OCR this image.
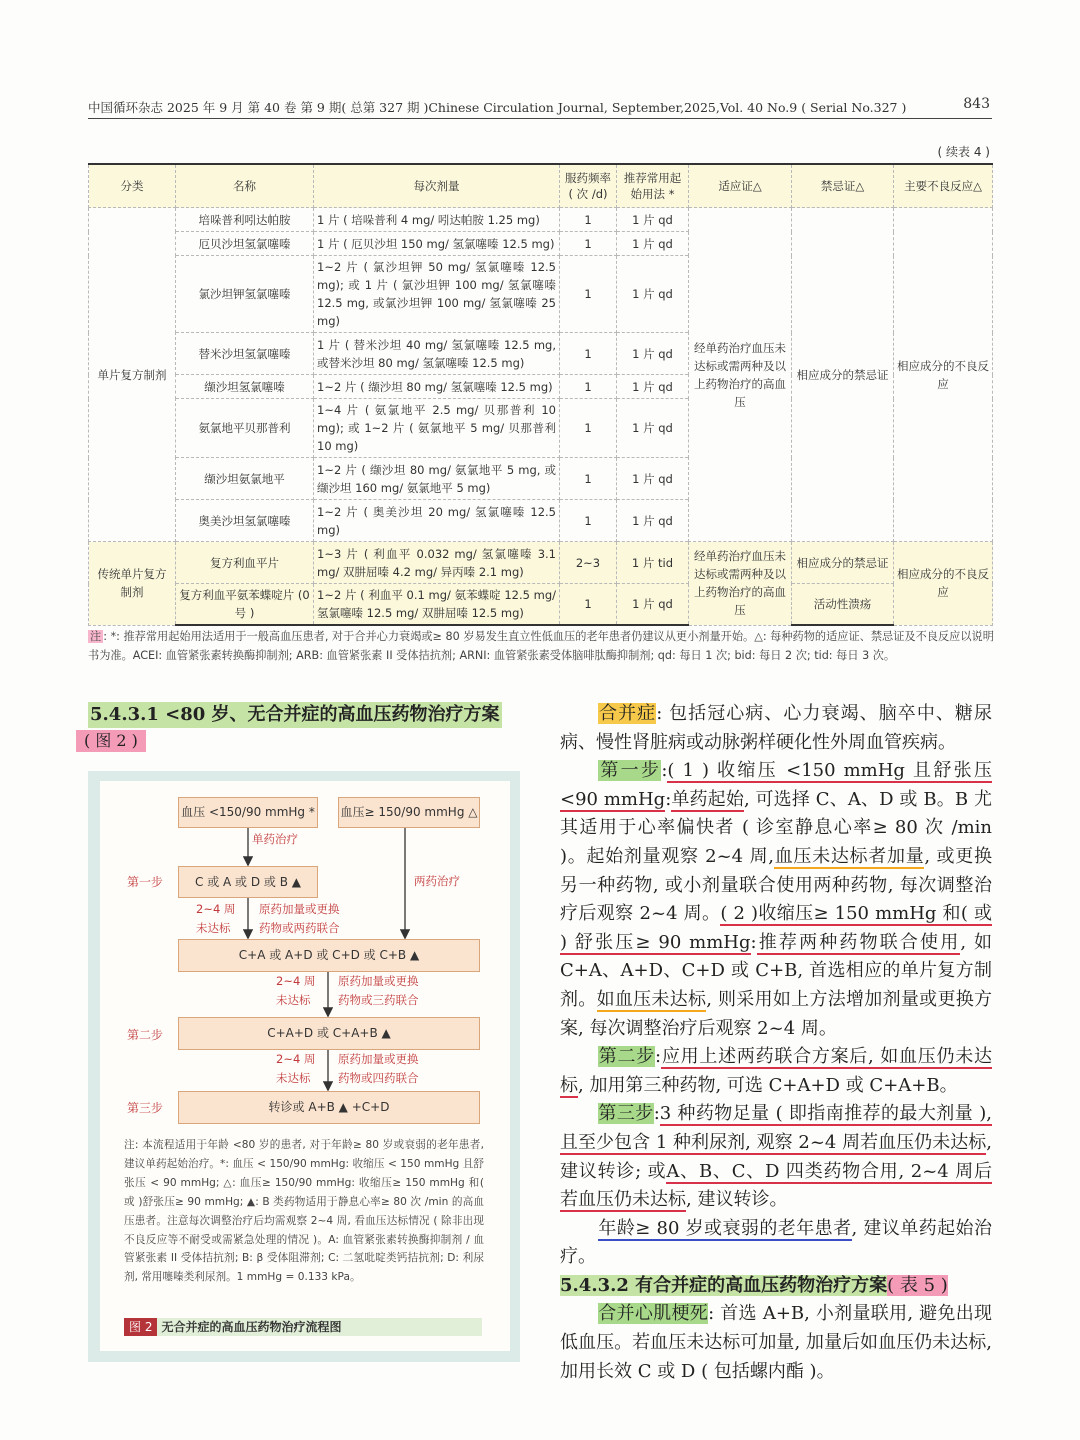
中国循环杂志 2025 年 9 月 第 40 卷 第 9 期( 总第 327 期 )Chinese Circulation Journal, September,2025,Vol. 40 No.9 ( Serial No.327 )	843
( 续表 4 )
分类	名称	每次剂量	服药频率( 次 /d)	推荐常用起始用法 *	适应证△	禁忌证△	主要不良反应△
单片复方制剂	培哚普利吲达帕胺	1 片 ( 培哚普利 4 mg/ 吲达帕胺 1.25 mg)	1	1 片 qd	经单药治疗血压未达标或需两种及以上药物治疗的高血压	相应成分的禁忌证	相应成分的不良反应
	厄贝沙坦氢氯噻嗪	1 片 ( 厄贝沙坦 150 mg/ 氢氯噻嗪 12.5 mg)	1	1 片 qd			
	氯沙坦钾氢氯噻嗪	1~2 片 ( 氯沙坦钾 50 mg/ 氢氯噻嗪 12.5 mg); 或 1 片 ( 氯沙坦钾 100 mg/ 氢氯噻嗪 12.5 mg, 或氯沙坦钾 100 mg/ 氢氯噻嗪 25 mg)	1	1 片 qd			
	替米沙坦氢氯噻嗪	1 片 ( 替米沙坦 40 mg/ 氢氯噻嗪 12.5 mg, 或替米沙坦 80 mg/ 氢氯噻嗪 12.5 mg)	1	1 片 qd			
	缬沙坦氢氯噻嗪	1~2 片 ( 缬沙坦 80 mg/ 氢氯噻嗪 12.5 mg)	1	1 片 qd			
	氨氯地平贝那普利	1~4 片 ( 氨氯地平 2.5 mg/ 贝那普利 10 mg); 或 1~2 片 ( 氨氯地平 5 mg/ 贝那普利 10 mg)	1	1 片 qd			
	缬沙坦氨氯地平	1~2 片 ( 缬沙坦 80 mg/ 氨氯地平 5 mg, 或缬沙坦 160 mg/ 氨氯地平 5 mg)	1	1 片 qd			
	奥美沙坦氢氯噻嗪	1~2 片 ( 奥美沙坦 20 mg/ 氢氯噻嗪 12.5 mg)	1	1 片 qd			
传统单片复方制剂	复方利血平片	1~3 片 ( 利血平 0.032 mg/ 氢氯噻嗪 3.1 mg/ 双肼屈嗪 4.2 mg/ 异丙嗪 2.1 mg)	2~3	1 片 tid	经单药治疗血压未达标或需两种及以上药物治疗的高血压	相应成分的禁忌证	相应成分的不良反应
	复方利血平氨苯蝶啶片 (0 号 )	1~2 片 ( 利血平 0.1 mg/ 氨苯蝶啶 12.5 mg/ 氢氯噻嗪 12.5 mg/ 双肼屈嗪 12.5 mg)	1	1 片 qd		活动性溃疡	
注 : *: 推荐常用起始用法适用于一般高血压患者, 对于合并心力衰竭或≥ 80 岁易发生直立性低血压的老年患者仍建议从更小剂量开始。△: 每种药物的适应证、禁忌证及不良反应以说明书为准。ACEI: 血管紧张素转换酶抑制剂; ARB: 血管紧张素 II 受体拮抗剂; ARNI: 血管紧张素受体脑啡肽酶抑制剂; qd: 每日 1 次; bid: 每日 2 次; tid: 每日 3 次。
5.4.3.1 <80 岁、无合并症的高血压药物治疗方案
( 图 2 )
血压 <150/90 mmHg * 血压≥ 150/90 mmHg △
单药治疗
两药治疗
第一步	C 或 A 或 D 或 B ▲
2~4 周
未达标
原药加量或更换
药物或两药联合
C+A 或 A+D 或 C+D 或 C+B ▲
2~4 周
未达标
原药加量或更换
药物或三药联合
第二步	C+A+D 或 C+A+B ▲
2~4 周
未达标
原药加量或更换
药物或四药联合
第三步	转诊或 A+B ▲ +C+D
注: 本流程适用于年龄 <80 岁的患者, 对于年龄≥ 80 岁或衰弱的老年患者, 建议单药起始治疗。*: 血压 < 150/90 mmHg: 收缩压 < 150 mmHg 且舒张压 < 90 mmHg; △: 血压≥ 150/90 mmHg: 收缩压≥ 150 mmHg 和( 或 )舒张压≥ 90 mmHg; ▲: B 类药物适用于静息心率≥ 80 次 /min 的高血压患者。注意每次调整治疗后均需观察 2~4 周, 看血压达标情况 ( 除非出现不良反应等不耐受或需紧急处理的情况 )。A: 血管紧张素转换酶抑制剂 / 血管紧张素 II 受体拮抗剂; B: β 受体阻滞剂; C: 二氢吡啶类钙拮抗剂; D: 利尿剂, 常用噻嗪类利尿剂。1 mmHg = 0.133 kPa。
图 2 无合并症的高血压药物治疗流程图

合并症: 包括冠心病、心力衰竭、脑卒中、糖尿病、慢性肾脏病或动脉粥样硬化性外周血管疾病。

第一步:( 1 ) 收缩压 <150 mmHg 且舒张压 <90 mmHg:单药起始, 可选择 C、A、D 或 B。B 尤其适用于心率偏快者 ( 诊室静息心率≥ 80 次 /min )。起始剂量观察 2~4 周,血压未达标者加量, 或更换另一种药物, 或小剂量联合使用两种药物, 每次调整治疗后观察 2~4 周。( 2 )收缩压≥ 150 mmHg 和( 或 ) 舒张压≥ 90 mmHg:推荐两种药物联合使用, 如 C+A、A+D、C+D 或 C+B, 首选相应的单片复方制剂。如血压未达标, 则采用如上方法增加剂量或更换方案, 每次调整治疗后观察 2~4 周。

第二步:应用上述两药联合方案后, 如血压仍未达标, 加用第三种药物, 可选 C+A+D 或 C+A+B。

第三步:3 种药物足量 ( 即指南推荐的最大剂量 ), 且至少包含 1 种利尿剂, 观察 2~4 周若血压仍未达标, 建议转诊; 或A、B、C、D 四类药物合用, 2~4 周后若血压仍未达标, 建议转诊。

年龄≥ 80 岁或衰弱的老年患者, 建议单药起始治疗。

5.4.3.2 有合并症的高血压药物治疗方案( 表 5 )

合并心肌梗死: 首选 A+B, 小剂量联用, 避免出现低血压。若血压未达标可加量, 加量后如血压仍未达标, 加用长效 C 或 D ( 包括螺内酯 )。
